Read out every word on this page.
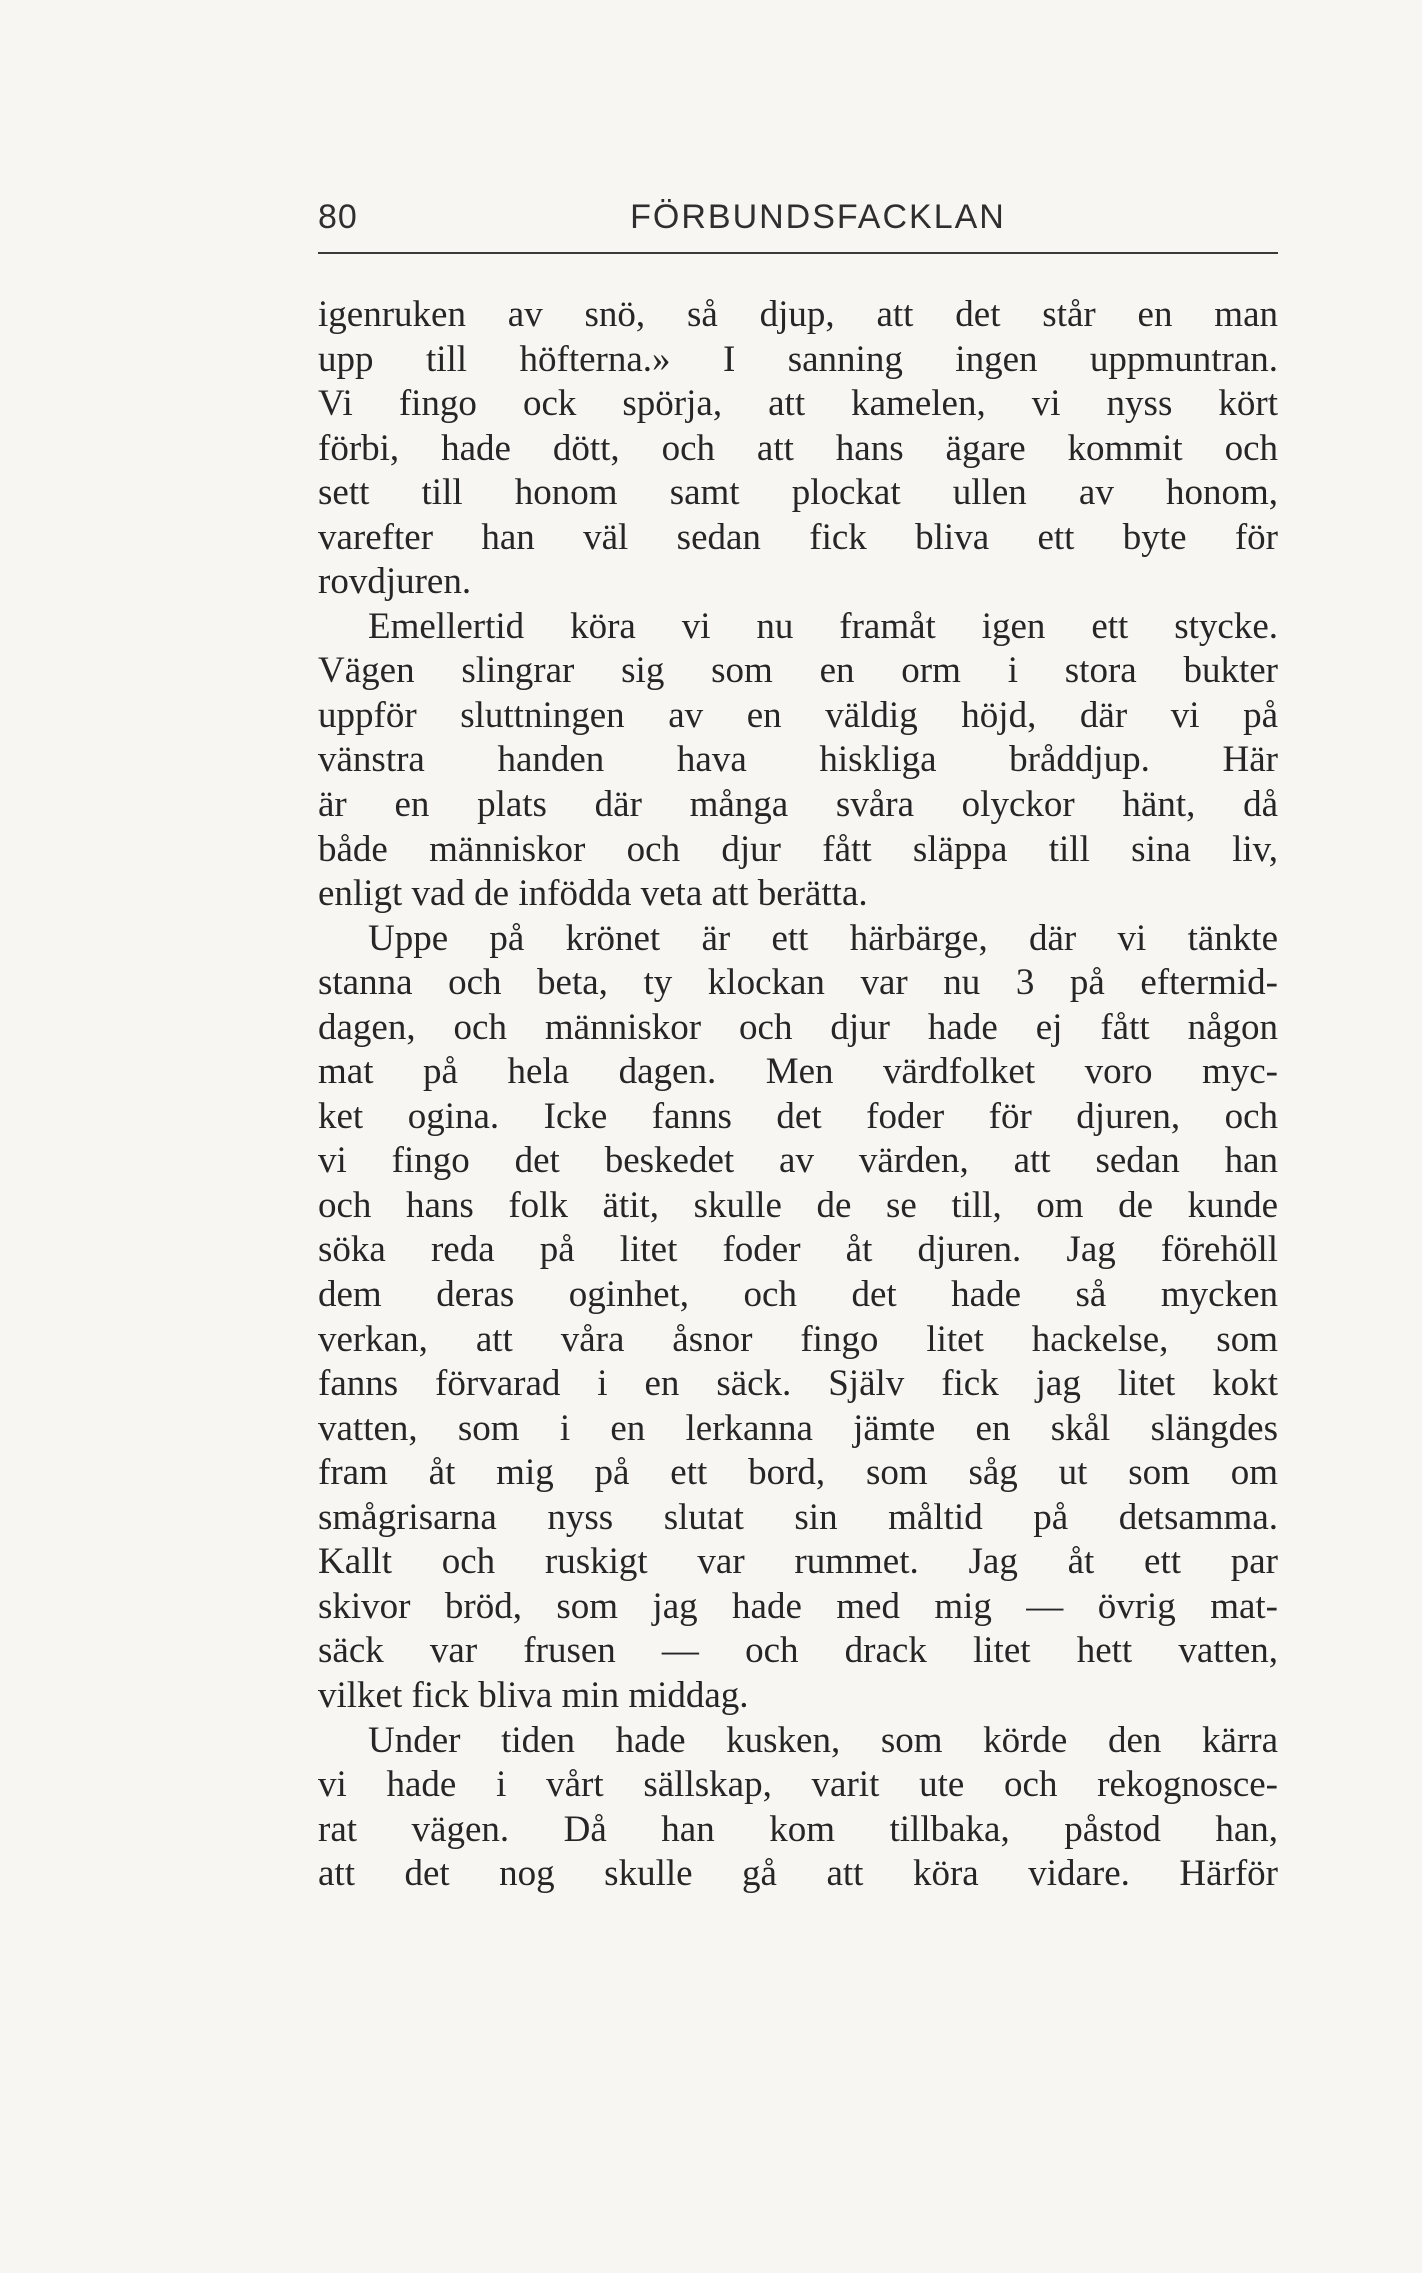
80	FÖRBUNDSFACKLAN
igenruken av snö, så djup, att det står en man
upp till höfterna.» I sanning ingen uppmuntran.
Vi fingo ock spörja, att kamelen, vi nyss kört
förbi, hade dött, och att hans ägare kommit och
sett till honom samt plockat ullen av honom,
varefter han väl sedan fick bliva ett byte för
rovdjuren.
Emellertid köra vi nu framåt igen ett stycke.
Vägen slingrar sig som en orm i stora bukter
uppför sluttningen av en väldig höjd, där vi på
vänstra handen hava hiskliga bråddjup. Här
är en plats där många svåra olyckor hänt, då
både människor och djur fått släppa till sina liv,
enligt vad de infödda veta att berätta.
Uppe på krönet är ett härbärge, där vi tänkte
stanna och beta, ty klockan var nu 3 på eftermid-
dagen, och människor och djur hade ej fått någon
mat på hela dagen. Men värdfolket voro myc-
ket ogina. Icke fanns det foder för djuren, och
vi fingo det beskedet av värden, att sedan han
och hans folk ätit, skulle de se till, om de kunde
söka reda på litet foder åt djuren. Jag förehöll
dem deras oginhet, och det hade så mycken
verkan, att våra åsnor fingo litet hackelse, som
fanns förvarad i en säck. Själv fick jag litet kokt
vatten, som i en lerkanna jämte en skål slängdes
fram åt mig på ett bord, som såg ut som om
smågrisarna nyss slutat sin måltid på detsamma.
Kallt och ruskigt var rummet. Jag åt ett par
skivor bröd, som jag hade med mig — övrig mat-
säck var frusen — och drack litet hett vatten,
vilket fick bliva min middag.
Under tiden hade kusken, som körde den kärra
vi hade i vårt sällskap, varit ute och rekognosce-
rat vägen. Då han kom tillbaka, påstod han,
att det nog skulle gå att köra vidare. Härför
